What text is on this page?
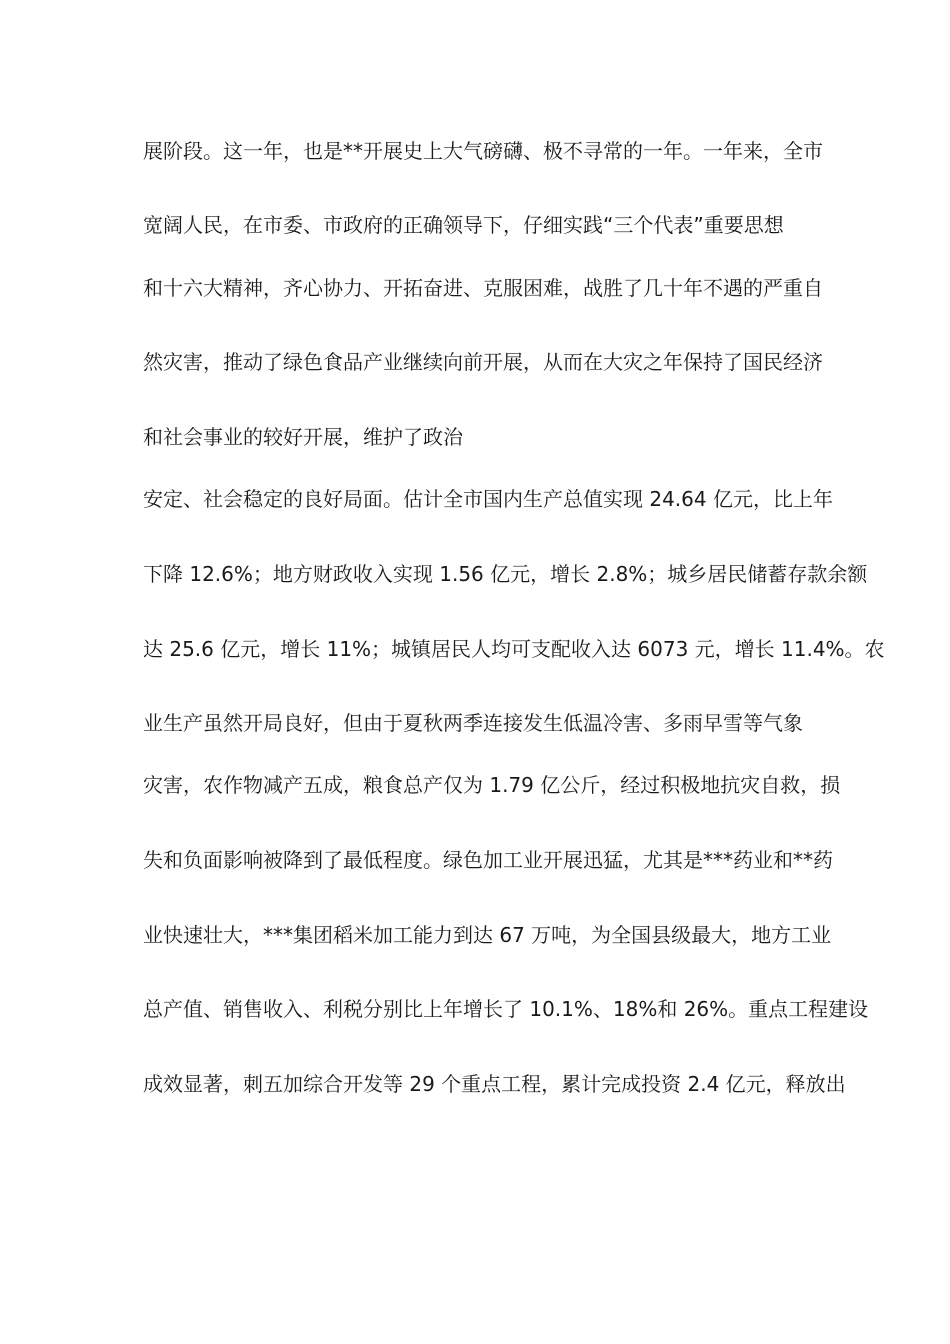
展阶段。这一年，也是**开展史上大气磅礴、极不寻常的一年。一年来，全市
宽阔人民，在市委、市政府的正确领导下，仔细实践“三个代表”重要思想
和十六大精神，齐心协力、开拓奋进、克服困难，战胜了几十年不遇的严重自
然灾害，推动了绿色食品产业继续向前开展，从而在大灾之年保持了国民经济
和社会事业的较好开展，维护了政治
安定、社会稳定的良好局面。估计全市国内生产总值实现 24.64 亿元，比上年
下降 12.6%；地方财政收入实现 1.56 亿元，增长 2.8%；城乡居民储蓄存款余额
达 25.6 亿元，增长 11%；城镇居民人均可支配收入达 6073 元，增长 11.4%。农
业生产虽然开局良好，但由于夏秋两季连接发生低温冷害、多雨早雪等气象
灾害，农作物减产五成，粮食总产仅为 1.79 亿公斤，经过积极地抗灾自救，损
失和负面影响被降到了最低程度。绿色加工业开展迅猛，尤其是***药业和**药
业快速壮大，***集团稻米加工能力到达 67 万吨，为全国县级最大，地方工业
总产值、销售收入、利税分别比上年增长了 10.1%、18%和 26%。重点工程建设
成效显著，刺五加综合开发等 29 个重点工程，累计完成投资 2.4 亿元，释放出
